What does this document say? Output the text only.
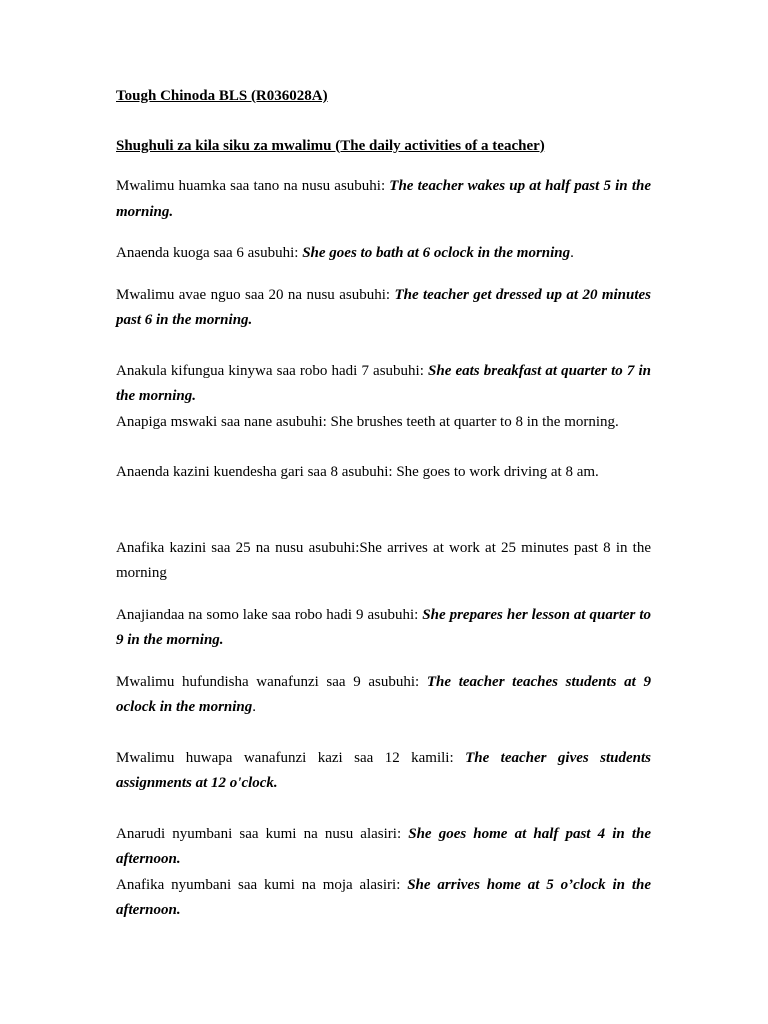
Tough Chinoda BLS (R036028A)

Shughuli za kila siku za mwalimu (The daily activities of a teacher)

Mwalimu huamka saa tano na nusu asubuhi: The teacher wakes up at half past 5 in the morning.

Anaenda kuoga saa 6 asubuhi: She goes to bath at 6 oclock in the morning.

Mwalimu avae nguo saa 20 na nusu asubuhi: The teacher get dressed up at 20 minutes past 6 in the morning.

Anakula kifungua kinywa saa robo hadi 7 asubuhi: She eats breakfast at quarter to 7 in the morning.

Anapiga mswaki saa nane asubuhi: She brushes teeth at quarter to 8 in the morning.

Anaenda kazini kuendesha gari saa 8 asubuhi: She goes to work driving at 8 am.

Anafika kazini saa 25 na nusu asubuhi:She arrives at work at 25 minutes past 8 in the morning

Anajiandaa na somo lake saa robo hadi 9 asubuhi: She prepares her lesson at quarter to 9 in the morning.

Mwalimu hufundisha wanafunzi saa 9 asubuhi: The teacher teaches students at 9 oclock in the morning.

Mwalimu huwapa wanafunzi kazi saa 12 kamili: The teacher gives students assignments at 12 o'clock.

Anarudi nyumbani saa kumi na nusu alasiri: She goes home at half past 4 in the afternoon.

Anafika nyumbani saa kumi na moja alasiri: She arrives home at 5 o’clock in the afternoon.
